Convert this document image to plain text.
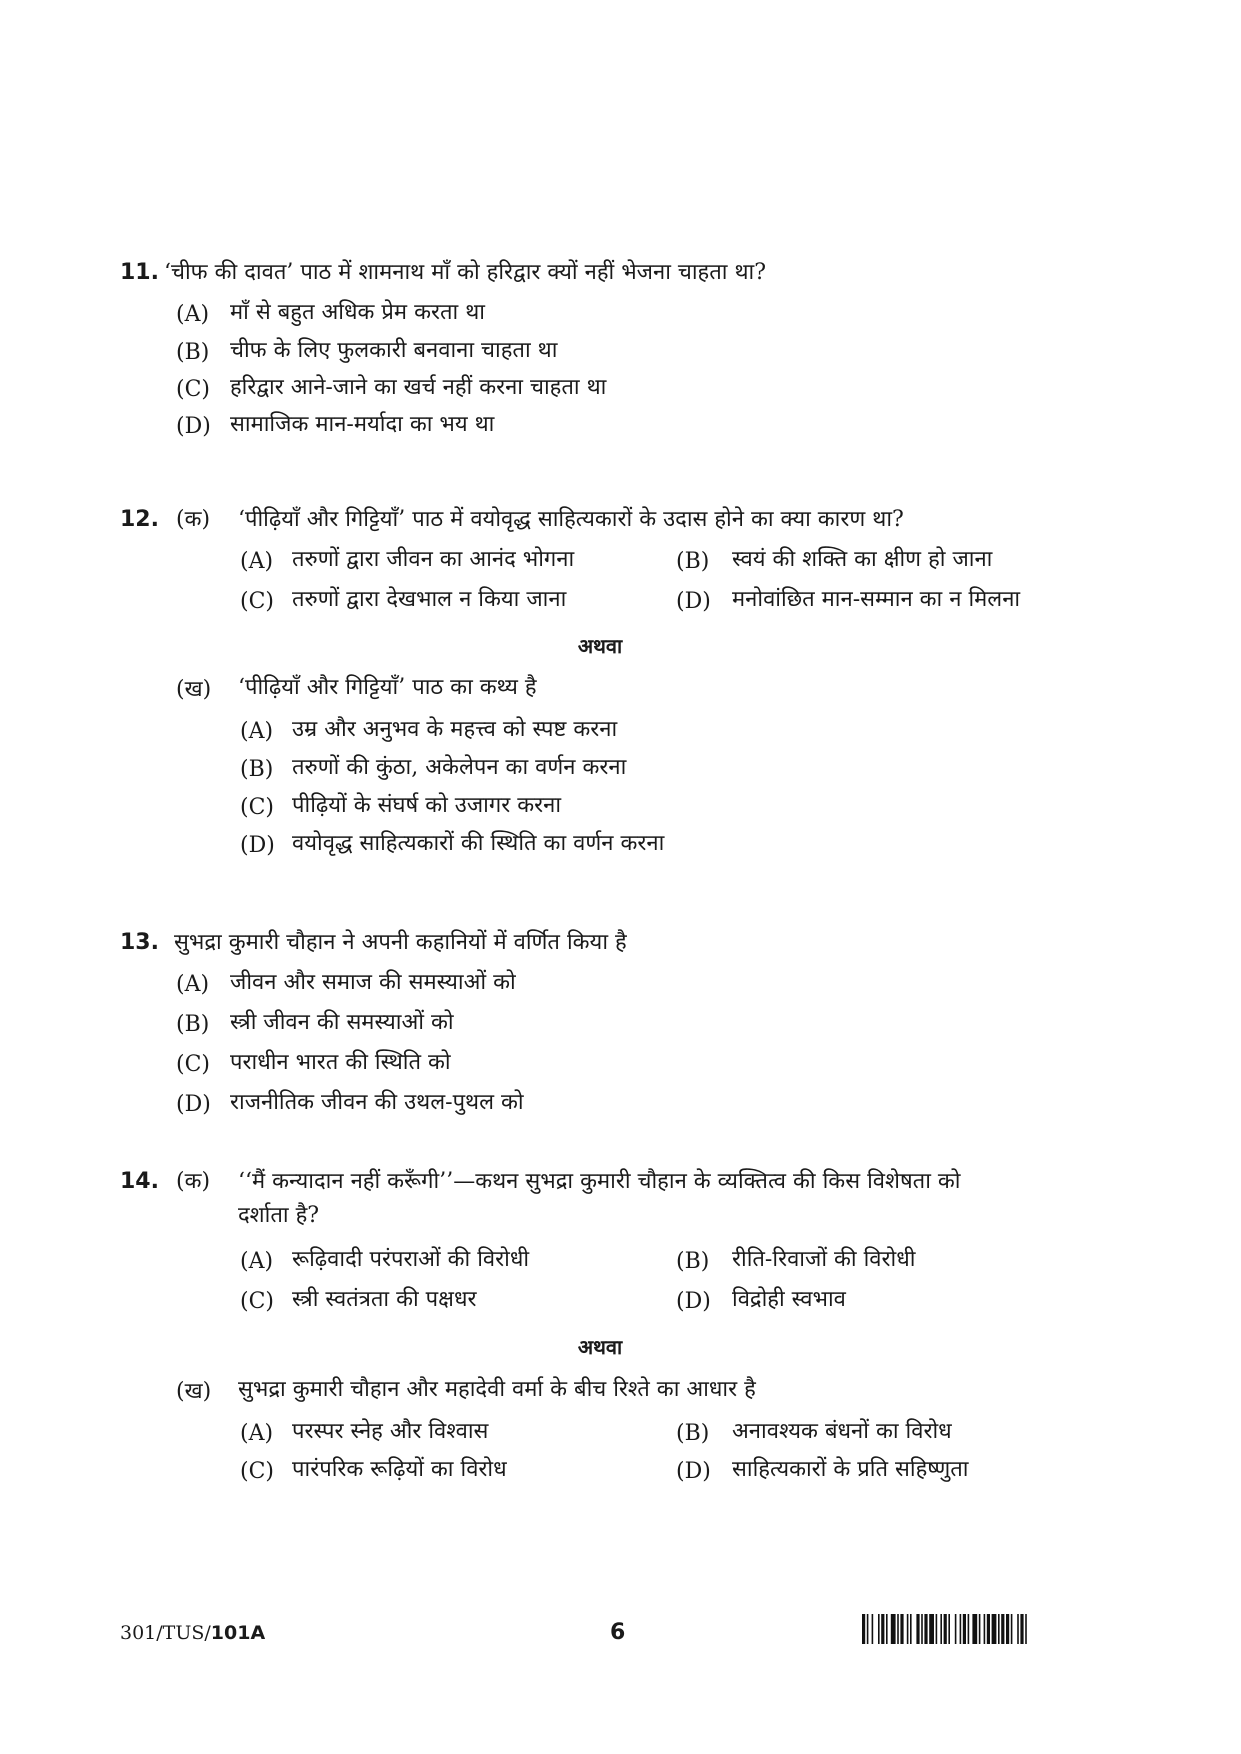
11. ‘चीफ की दावत’ पाठ में शामनाथ माँ को हरिद्वार क्यों नहीं भेजना चाहता था?
(A) माँ से बहुत अधिक प्रेम करता था
(B) चीफ के लिए फुलकारी बनवाना चाहता था
(C) हरिद्वार आने-जाने का खर्च नहीं करना चाहता था
(D) सामाजिक मान-मर्यादा का भय था
12. (क) ‘पीढ़ियाँ और गिट्टियाँ’ पाठ में वयोवृद्ध साहित्यकारों के उदास होने का क्या कारण था?
(A) तरुणों द्वारा जीवन का आनंद भोगना	(B) स्वयं की शक्ति का क्षीण हो जाना
(C) तरुणों द्वारा देखभाल न किया जाना	(D) मनोवांछित मान-सम्मान का न मिलना
अथवा
(ख) ‘पीढ़ियाँ और गिट्टियाँ’ पाठ का कथ्य है
(A) उम्र और अनुभव के महत्त्व को स्पष्ट करना
(B) तरुणों की कुंठा, अकेलेपन का वर्णन करना
(C) पीढ़ियों के संघर्ष को उजागर करना
(D) वयोवृद्ध साहित्यकारों की स्थिति का वर्णन करना
13. सुभद्रा कुमारी चौहान ने अपनी कहानियों में वर्णित किया है
(A) जीवन और समाज की समस्याओं को
(B) स्त्री जीवन की समस्याओं को
(C) पराधीन भारत की स्थिति को
(D) राजनीतिक जीवन की उथल-पुथल को
14. (क) ‘‘मैं कन्यादान नहीं करूँगी’’—कथन सुभद्रा कुमारी चौहान के व्यक्तित्व की किस विशेषता को
दर्शाता है?
(A) रूढ़िवादी परंपराओं की विरोधी	(B) रीति-रिवाजों की विरोधी
(C) स्त्री स्वतंत्रता की पक्षधर	(D) विद्रोही स्वभाव
अथवा
(ख) सुभद्रा कुमारी चौहान और महादेवी वर्मा के बीच रिश्ते का आधार है
(A) परस्पर स्नेह और विश्वास	(B) अनावश्यक बंधनों का विरोध
(C) पारंपरिक रूढ़ियों का विरोध	(D) साहित्यकारों के प्रति सहिष्णुता
301/TUS/101A	6
